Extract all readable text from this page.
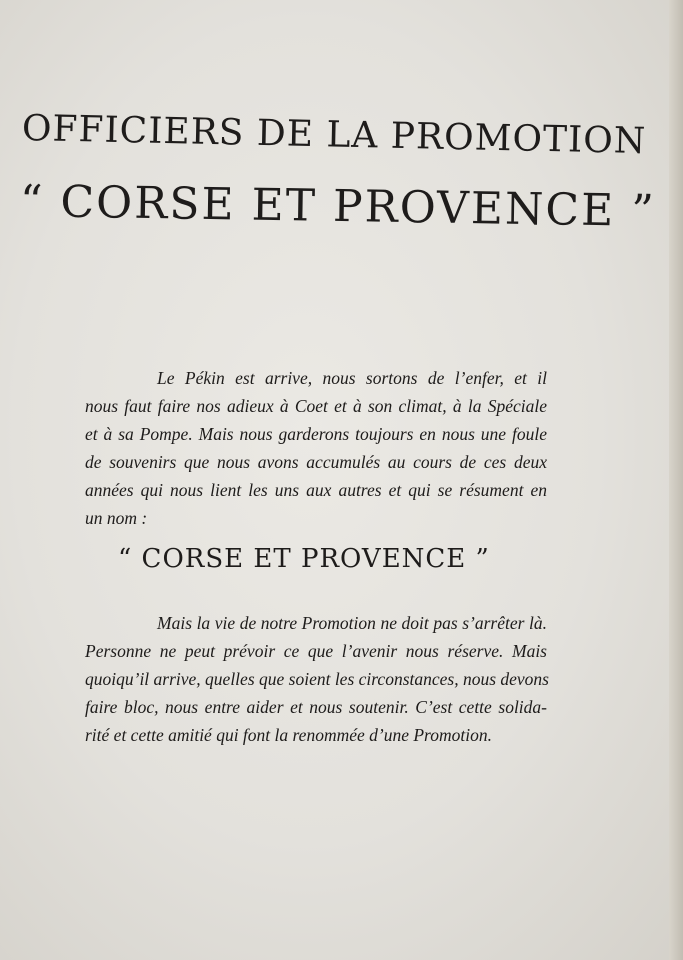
OFFICIERS DE LA PROMOTION
“ CORSE ET PROVENCE ”
Le Pékin est arrive, nous sortons de l’enfer, et il
nous faut faire nos adieux à Coet et à son climat, à la Spéciale
et à sa Pompe. Mais nous garderons toujours en nous une foule
de souvenirs que nous avons accumulés au cours de ces deux
années qui nous lient les uns aux autres et qui se résument en
un nom :
“ CORSE ET PROVENCE ”
Mais la vie de notre Promotion ne doit pas s’arrêter là.
Personne ne peut prévoir ce que l’avenir nous réserve. Mais
quoiqu’il arrive, quelles que soient les circonstances, nous devons
faire bloc, nous entre aider et nous soutenir. C’est cette solida-
rité et cette amitié qui font la renommée d’une Promotion.
